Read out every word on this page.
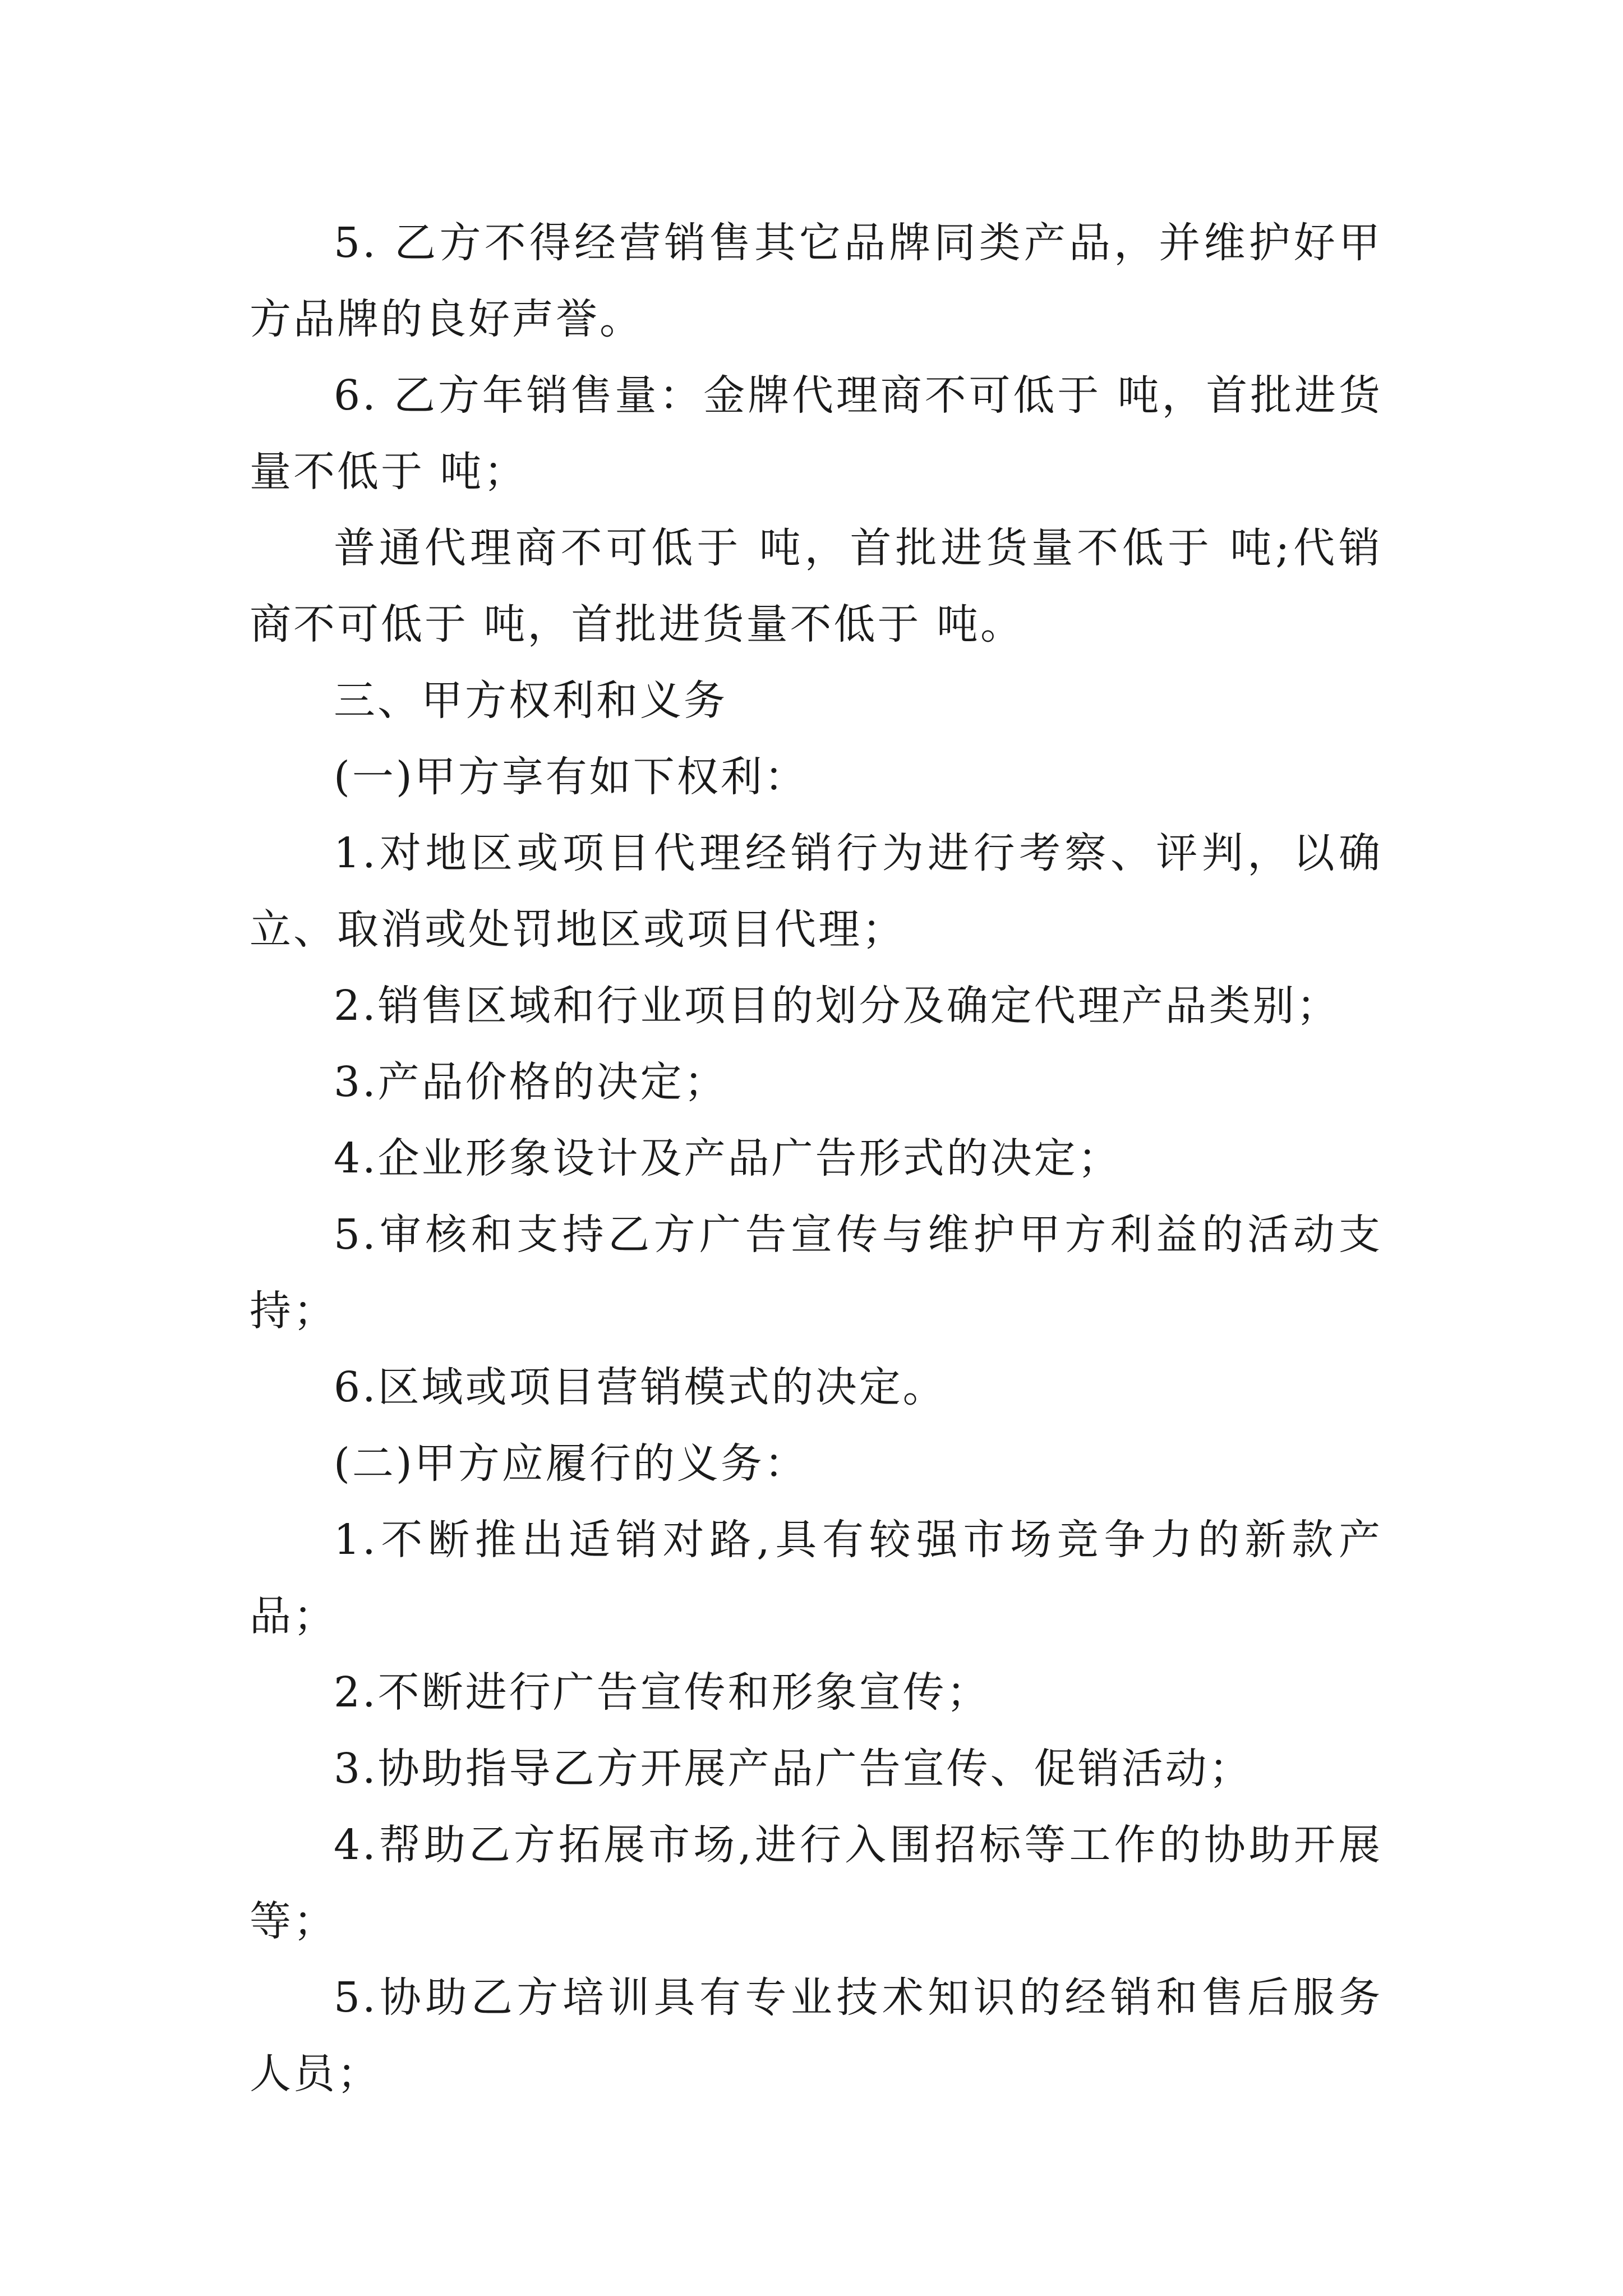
5. 乙方不得经营销售其它品牌同类产品，并维护好甲方品牌的良好声誉。

6. 乙方年销售量：金牌代理商不可低于 吨，首批进货量不低于 吨；

普通代理商不可低于 吨，首批进货量不低于 吨;代销商不可低于 吨，首批进货量不低于 吨。

三、甲方权利和义务

(一)甲方享有如下权利：

1.对地区或项目代理经销行为进行考察、评判，以确立、取消或处罚地区或项目代理；

2.销售区域和行业项目的划分及确定代理产品类别；

3.产品价格的决定；

4.企业形象设计及产品广告形式的决定；

5.审核和支持乙方广告宣传与维护甲方利益的活动支持；

6.区域或项目营销模式的决定。

(二)甲方应履行的义务：

1.不断推出适销对路,具有较强市场竞争力的新款产品；

2.不断进行广告宣传和形象宣传；

3.协助指导乙方开展产品广告宣传、促销活动；

4.帮助乙方拓展市场,进行入围招标等工作的协助开展等；

5.协助乙方培训具有专业技术知识的经销和售后服务人员；
